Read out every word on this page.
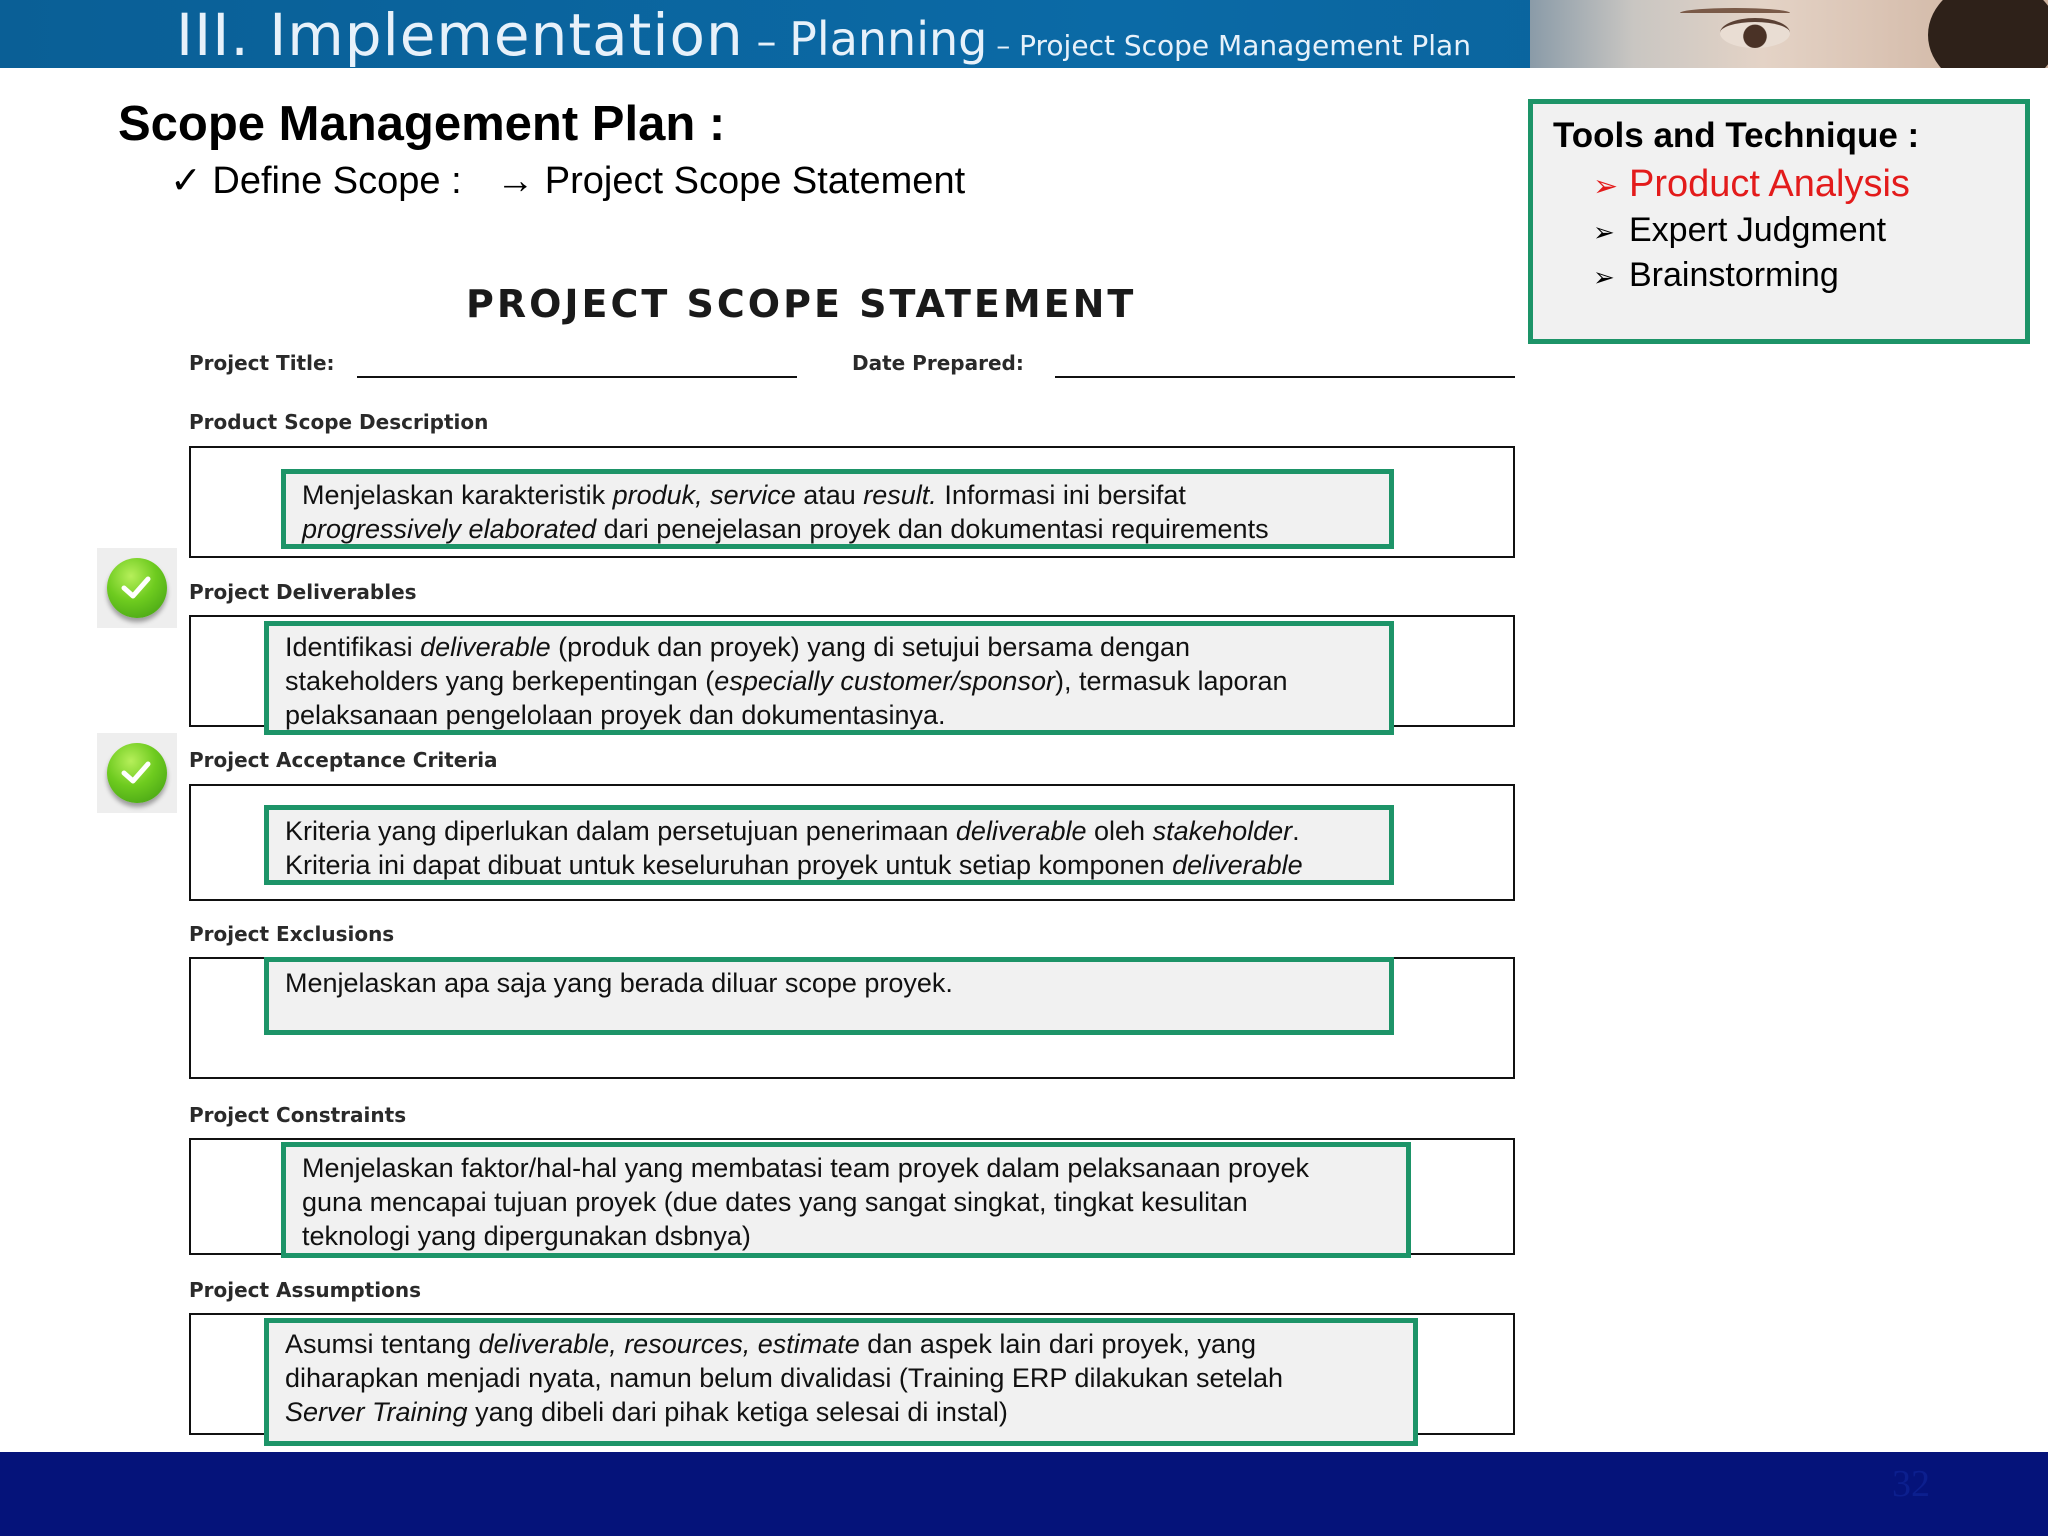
III. Implementation – Planning – Project Scope Management Plan
Scope Management Plan :
✓ Define Scope : → Project Scope Statement
Tools and Technique :
➢ Product Analysis
➢ Expert Judgment
➢ Brainstorming
PROJECT SCOPE STATEMENT
Project Title:	Date Prepared:
Product Scope Description
Menjelaskan karakteristik produk, service atau result. Informasi ini bersifat
progressively elaborated dari penejelasan proyek dan dokumentasi requirements
Project Deliverables
Identifikasi deliverable (produk dan proyek) yang di setujui bersama dengan
stakeholders yang berkepentingan (especially customer/sponsor), termasuk laporan
pelaksanaan pengelolaan proyek dan dokumentasinya.
Project Acceptance Criteria
Kriteria yang diperlukan dalam persetujuan penerimaan deliverable oleh stakeholder.
Kriteria ini dapat dibuat untuk keseluruhan proyek untuk setiap komponen deliverable
Project Exclusions
Menjelaskan apa saja yang berada diluar scope proyek.
Project Constraints
Menjelaskan faktor/hal-hal yang membatasi team proyek dalam pelaksanaan proyek
guna mencapai tujuan proyek (due dates yang sangat singkat, tingkat kesulitan
teknologi yang dipergunakan dsbnya)
Project Assumptions
Asumsi tentang deliverable, resources, estimate dan aspek lain dari proyek, yang
diharapkan menjadi nyata, namun belum divalidasi (Training ERP dilakukan setelah
Server Training yang dibeli dari pihak ketiga selesai di instal)
32
